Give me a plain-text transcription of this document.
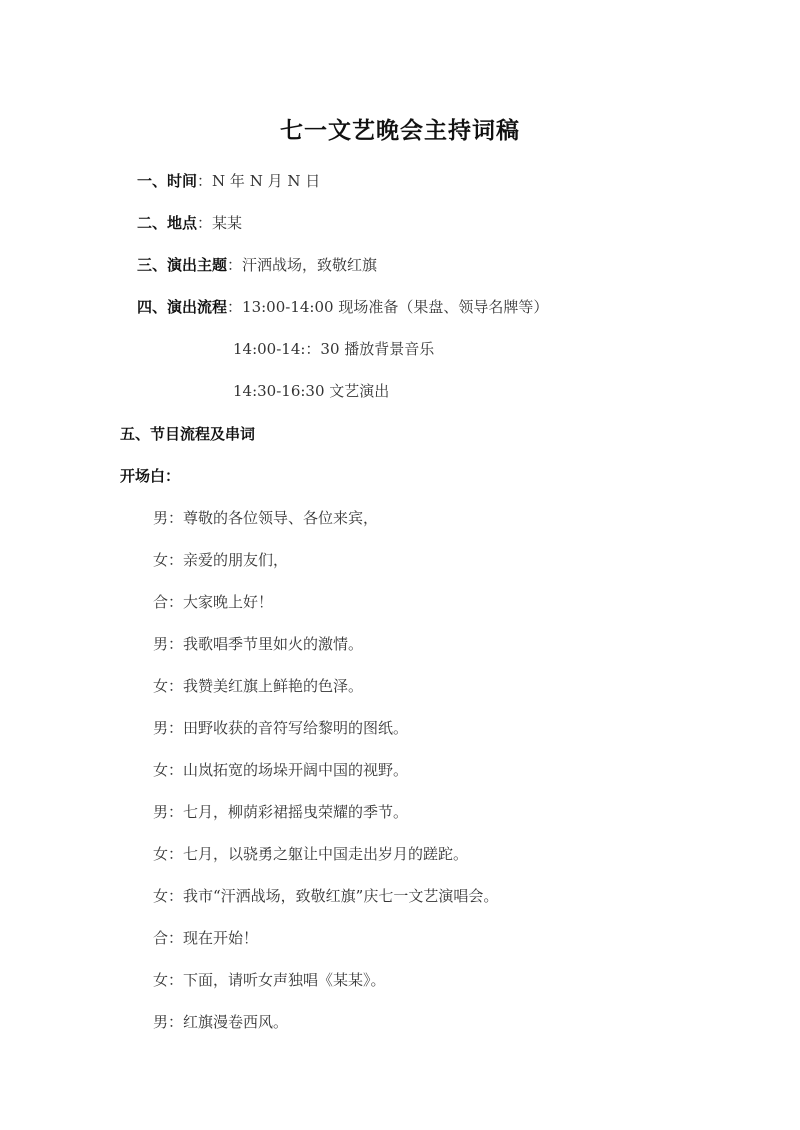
七一文艺晚会主持词稿
一、时间：N 年 N 月 N 日
二、地点：某某
三、演出主题：汗洒战场，致敬红旗
四、演出流程：13:00-14:00 现场准备（果盘、领导名牌等）
14:00-14:：30 播放背景音乐
14:30-16:30 文艺演出
五、节目流程及串词
开场白：
男：尊敬的各位领导、各位来宾，
女：亲爱的朋友们，
合：大家晚上好！
男：我歌唱季节里如火的激情。
女：我赞美红旗上鲜艳的色泽。
男：田野收获的音符写给黎明的图纸。
女：山岚拓宽的场垛开阔中国的视野。
男：七月，柳荫彩裙摇曳荣耀的季节。
女：七月，以骁勇之躯让中国走出岁月的蹉跎。
女：我市“汗洒战场，致敬红旗”庆七一文艺演唱会。
合：现在开始！
女：下面，请听女声独唱《某某》。
男：红旗漫卷西风。
